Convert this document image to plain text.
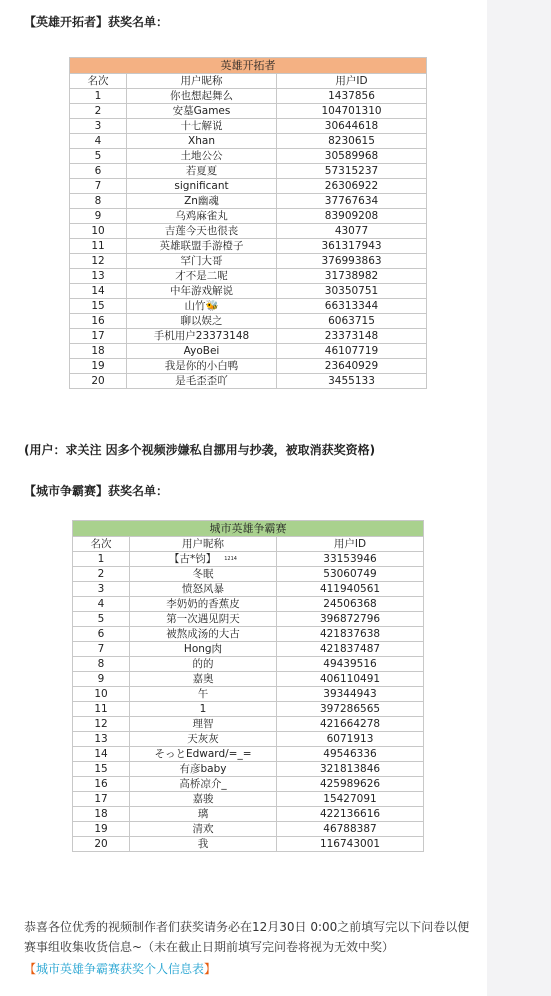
【英雄开拓者】获奖名单：
英雄开拓者		
名次	用户昵称	用户ID
1	你也想起舞么	1437856
2	安墓Games	104701310
3	十七解说	30644618
4	Xhan	8230615
5	土地公公	30589968
6	若夏夏	57315237
7	significant	26306922
8	Zn幽魂	37767634
9	乌鸡麻雀丸	83909208
10	吉莲今天也很丧	43077
11	英雄联盟手游橙子	361317943
12	罕门大哥	376993863
13	才不是二呢	31738982
14	中年游戏解说	30350751
15	山竹🐝	66313344
16	聊以娱之	6063715
17	手机用户23373148	23373148
18	AyoBei	46107719
19	我是你的小白鸭	23640929
20	是毛歪歪吖	3455133
(用户：求关注 因多个视频涉嫌私自挪用与抄袭，被取消获奖资格)
【城市争霸赛】获奖名单：
城市英雄争霸赛		
名次	用户昵称	用户ID
1	【古*钧】 $^{1214}$	33153946
2	冬眠	53060749
3	愤怒风暴	411940561
4	李奶奶的香蕉皮	24506368
5	第一次遇见阴天	396872796
6	被熬成汤的大古	421837638
7	Hong肉	421837487
8	的的	49439516
9	嘉奥	406110491
10	午	39344943
11	1	397286565
12	理智	421664278
13	天灰灰	6071913
14	そっとEdward/=_=	49546336
15	有彦baby	321813846
16	高桥凉介_	425989626
17	嘉骏	15427091
18	璃	422136616
19	清欢	46788387
20	我	116743001
恭喜各位优秀的视频制作者们获奖请务必在12月30日 0:00之前填写完以下问卷以便赛事组收集收货信息~（未在截止日期前填写完问卷将视为无效中奖）
【城市英雄争霸赛获奖个人信息表】
